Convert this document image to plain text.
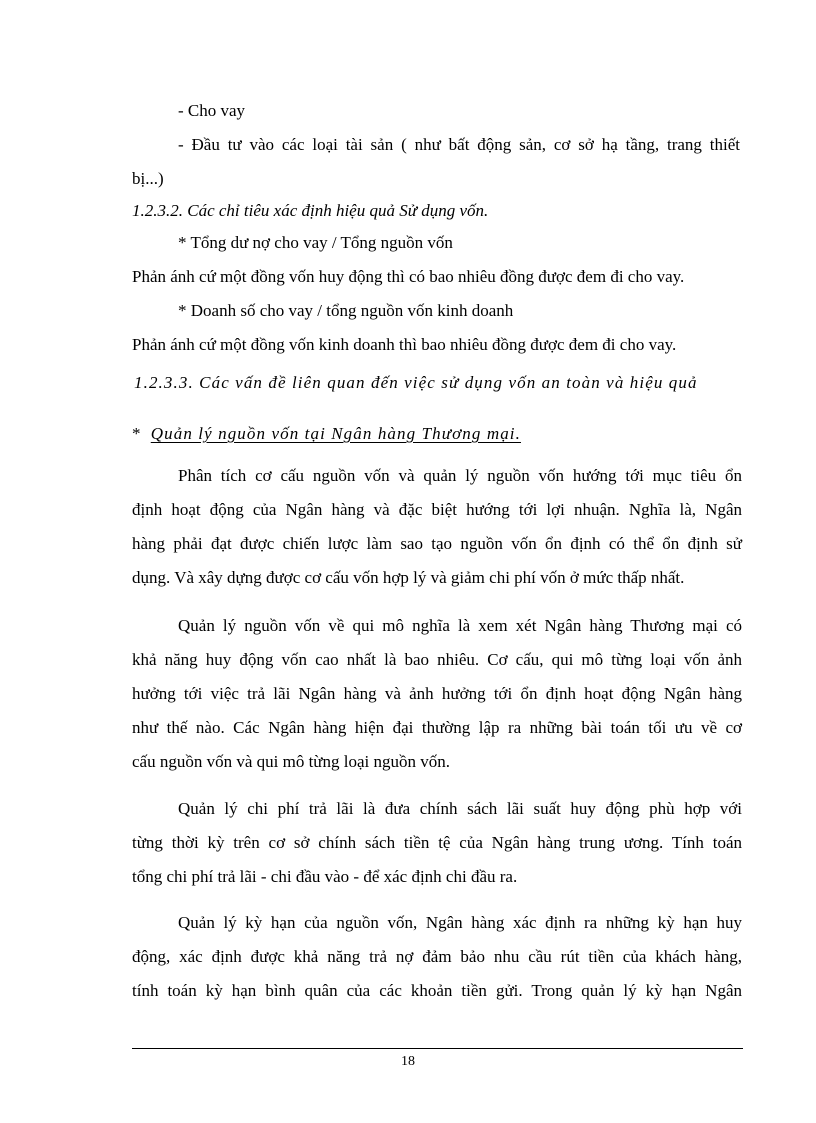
- Cho vay
- Đầu tư vào các loại tài sản ( như bất động sản, cơ sở hạ tầng, trang thiết
bị...)
1.2.3.2. Các chỉ tiêu xác định hiệu quả Sử dụng vốn.
* Tổng dư nợ cho vay / Tổng nguồn vốn
Phản ánh cứ một đồng vốn huy động thì có bao nhiêu đồng được đem đi cho vay.
* Doanh số cho vay / tổng nguồn vốn kinh doanh
Phản ánh cứ một đồng vốn kinh doanh thì bao nhiêu đồng được đem đi cho vay.
1.2.3.3. Các vấn đề liên quan đến việc sử dụng vốn an toàn và hiệu quả
* Quản lý nguồn vốn tại Ngân hàng Thương mại.
Phân tích cơ cấu nguồn vốn và quản lý nguồn vốn hướng tới mục tiêu ổn
định hoạt động của Ngân hàng và đặc biệt hướng tới lợi nhuận. Nghĩa là, Ngân
hàng phải đạt được chiến lược làm sao tạo nguồn vốn ổn định có thể ổn định sử
dụng. Và xây dựng được cơ cấu vốn hợp lý và giảm chi phí vốn ở mức thấp nhất.
Quản lý nguồn vốn về qui mô nghĩa là xem xét Ngân hàng Thương mại có
khả năng huy động vốn cao nhất là bao nhiêu. Cơ cấu, qui mô từng loại vốn ảnh
hưởng tới việc trả lãi Ngân hàng và ảnh hưởng tới ổn định hoạt động Ngân hàng
như thế nào. Các Ngân hàng hiện đại thường lập ra những bài toán tối ưu về cơ
cấu nguồn vốn và qui mô từng loại nguồn vốn.
Quản lý chi phí trả lãi là đưa chính sách lãi suất huy động phù hợp với
từng thời kỳ trên cơ sở chính sách tiền tệ của Ngân hàng trung ương. Tính toán
tổng chi phí trả lãi - chi đầu vào - để xác định chi đầu ra.
Quản lý kỳ hạn của nguồn vốn, Ngân hàng xác định ra những kỳ hạn huy
động, xác định được khả năng trả nợ đảm bảo nhu cầu rút tiền của khách hàng,
tính toán kỳ hạn bình quân của các khoản tiền gửi. Trong quản lý kỳ hạn Ngân
18
